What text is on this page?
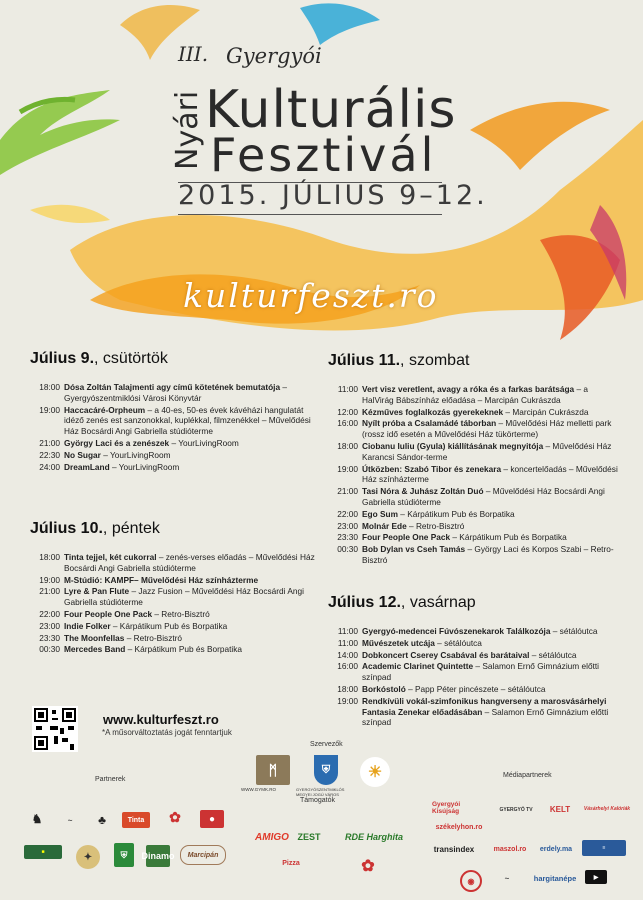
III. Gyergyói
Nyári Kulturális
Fesztivál
2015. JÚLIUS 9–12.
kulturfeszt.ro
Július 9., csütörtök
18:00 Dósa Zoltán Talajmenti agy című kötetének bemutatója – Gyergyószentmiklósi Városi Könyvtár
19:00 Haccacáré-Orpheum – a 40-es, 50-es évek kávéházi hangulatát idéző zenés est sanzonokkal, kuplékkal, filmzenékkel – Művelődési Ház Bocsárdi Angi Gabriella stúdióterme
21:00 György Laci és a zenészek – YourLivingRoom
22:30 No Sugar – YourLivingRoom
24:00 DreamLand – YourLivingRoom
Július 10., péntek
18:00 Tinta tejjel, két cukorral – zenés-verses előadás – Művelődési Ház Bocsárdi Angi Gabriella stúdióterme
19:00 M-Stúdió: KAMPF– Művelődési Ház színházterme
21:00 Lyre & Pan Flute – Jazz Fusion – Művelődési Ház Bocsárdi Angi Gabriella stúdióterme
22:00 Four People One Pack – Retro-Bisztró
23:00 Indie Folker – Kárpátikum Pub és Borpatika
23:30 The Moonfellas – Retro-Bisztró
00:30 Mercedes Band – Kárpátikum Pub és Borpatika
Július 11., szombat
11:00 Vert visz veretlent, avagy a róka és a farkas barátsága – a HalVirág Bábszínház előadása – Marcipán Cukrászda
12:00 Kézműves foglalkozás gyerekeknek – Marcipán Cukrászda
16:00 Nyílt próba a Csalamádé táborban – Művelődési Ház melletti park (rossz idő esetén a Művelődési Ház tükörterme)
18:00 Ciobanu Iuliu (Gyula) kiállításának megnyitója – Művelődési Ház Karancsi Sándor-terme
19:00 Útközben: Szabó Tibor és zenekara – koncertelőadás – Művelődési Ház színházterme
21:00 Tasi Nóra & Juhász Zoltán Duó – Művelődési Ház Bocsárdi Angi Gabriella stúdióterme
22:00 Ego Sum – Kárpátikum Pub és Borpatika
23:00 Molnár Ede – Retro-Bisztró
23:30 Four People One Pack – Kárpátikum Pub és Borpatika
00:30 Bob Dylan vs Cseh Tamás – György Laci és Korpos Szabi – Retro-Bisztró
Július 12., vasárnap
11:00 Gyergyó-medencei Fúvószenekarok Találkozója – sétálóutca
11:00 Művészetek utcája – sétálóutca
14:00 Dobkoncert Cserey Csabával és barátaival – sétálóutca
16:00 Academic Clarinet Quintette – Salamon Ernő Gimnázium előtti színpad
18:00 Borkóstoló – Papp Péter pincészete – sétálóutca
19:00 Rendkívüli vokál-szimfonikus hangverseny a marosvásárhelyi Fantasia Zenekar előadásában – Salamon Ernő Gimnázium előtti színpad
www.kulturfeszt.ro
*A műsorváltoztatás jogát fenntartjuk
Szervezők
Partnerek
Médiapartnerek
Támogatók
ᛗ
WWW.GYMK.RO
⛨
GYERGYÓSZENTMIKLÓS MEGYEI JOGÚ VÁROS
☀
♞	~	♣	Tinta	✿	●
■	✦	⛨	Dinamo	Marcipán
AMIGO ZEST	RDE Harghita
Pizza	✿
Gyergyói Kisújság	GYERGYÓ TV	KELT	Vásárhelyi Kalóriák
székelyhon.ro
transindex	maszol.ro	erdely.ma	≡
◉	~	hargitanépe	▶
